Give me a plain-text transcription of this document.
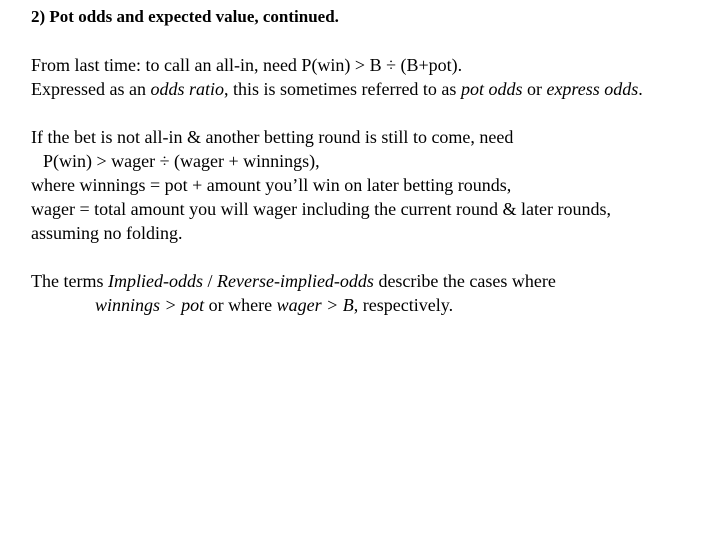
2) Pot odds and expected value, continued.
From last time: to call an all-in, need P(win) > B ÷ (B+pot).
Expressed as an odds ratio, this is sometimes referred to as pot odds or express odds.
If the bet is not all-in & another betting round is still to come, need
P(win) > wager ÷ (wager + winnings),
where winnings = pot + amount you’ll win on later betting rounds,
wager = total amount you will wager including the current round & later rounds,
assuming no folding.
The terms Implied-odds / Reverse-implied-odds describe the cases where
winnings > pot or where wager > B, respectively.
